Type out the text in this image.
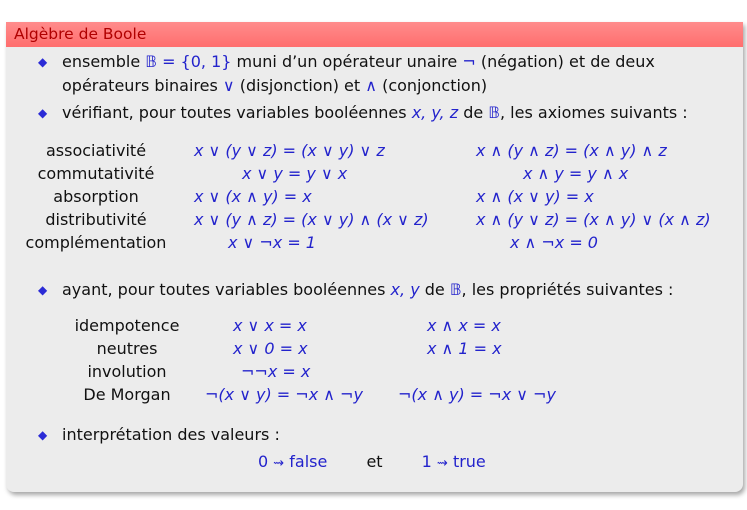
Algèbre de Boole
◆ ensemble 𝔹 = {0, 1} muni d’un opérateur unaire ¬ (négation) et de deux
opérateurs binaires ∨ (disjonction) et ∧ (conjonction)
◆ vérifiant, pour toutes variables booléennes x, y, z de 𝔹, les axiomes suivants :
associativité	x ∨ (y ∨ z) = (x ∨ y) ∨ z	x ∧ (y ∧ z) = (x ∧ y) ∧ z
commutativité	x ∨ y = y ∨ x	x ∧ y = y ∧ x
absorption	x ∨ (x ∧ y) = x	x ∧ (x ∨ y) = x
distributivité	x ∨ (y ∧ z) = (x ∨ y) ∧ (x ∨ z)	x ∧ (y ∨ z) = (x ∧ y) ∨ (x ∧ z)
complémentation	x ∨ ¬x = 1	x ∧ ¬x = 0
◆ ayant, pour toutes variables booléennes x, y de 𝔹, les propriétés suivantes :
idempotence	x ∨ x = x	x ∧ x = x
neutres	x ∨ 0 = x	x ∧ 1 = x
involution	¬¬x = x
De Morgan	¬(x ∨ y) = ¬x ∧ ¬y ¬(x ∧ y) = ¬x ∨ ¬y
◆ interprétation des valeurs :
0 ⇝ false et 1 ⇝ true
